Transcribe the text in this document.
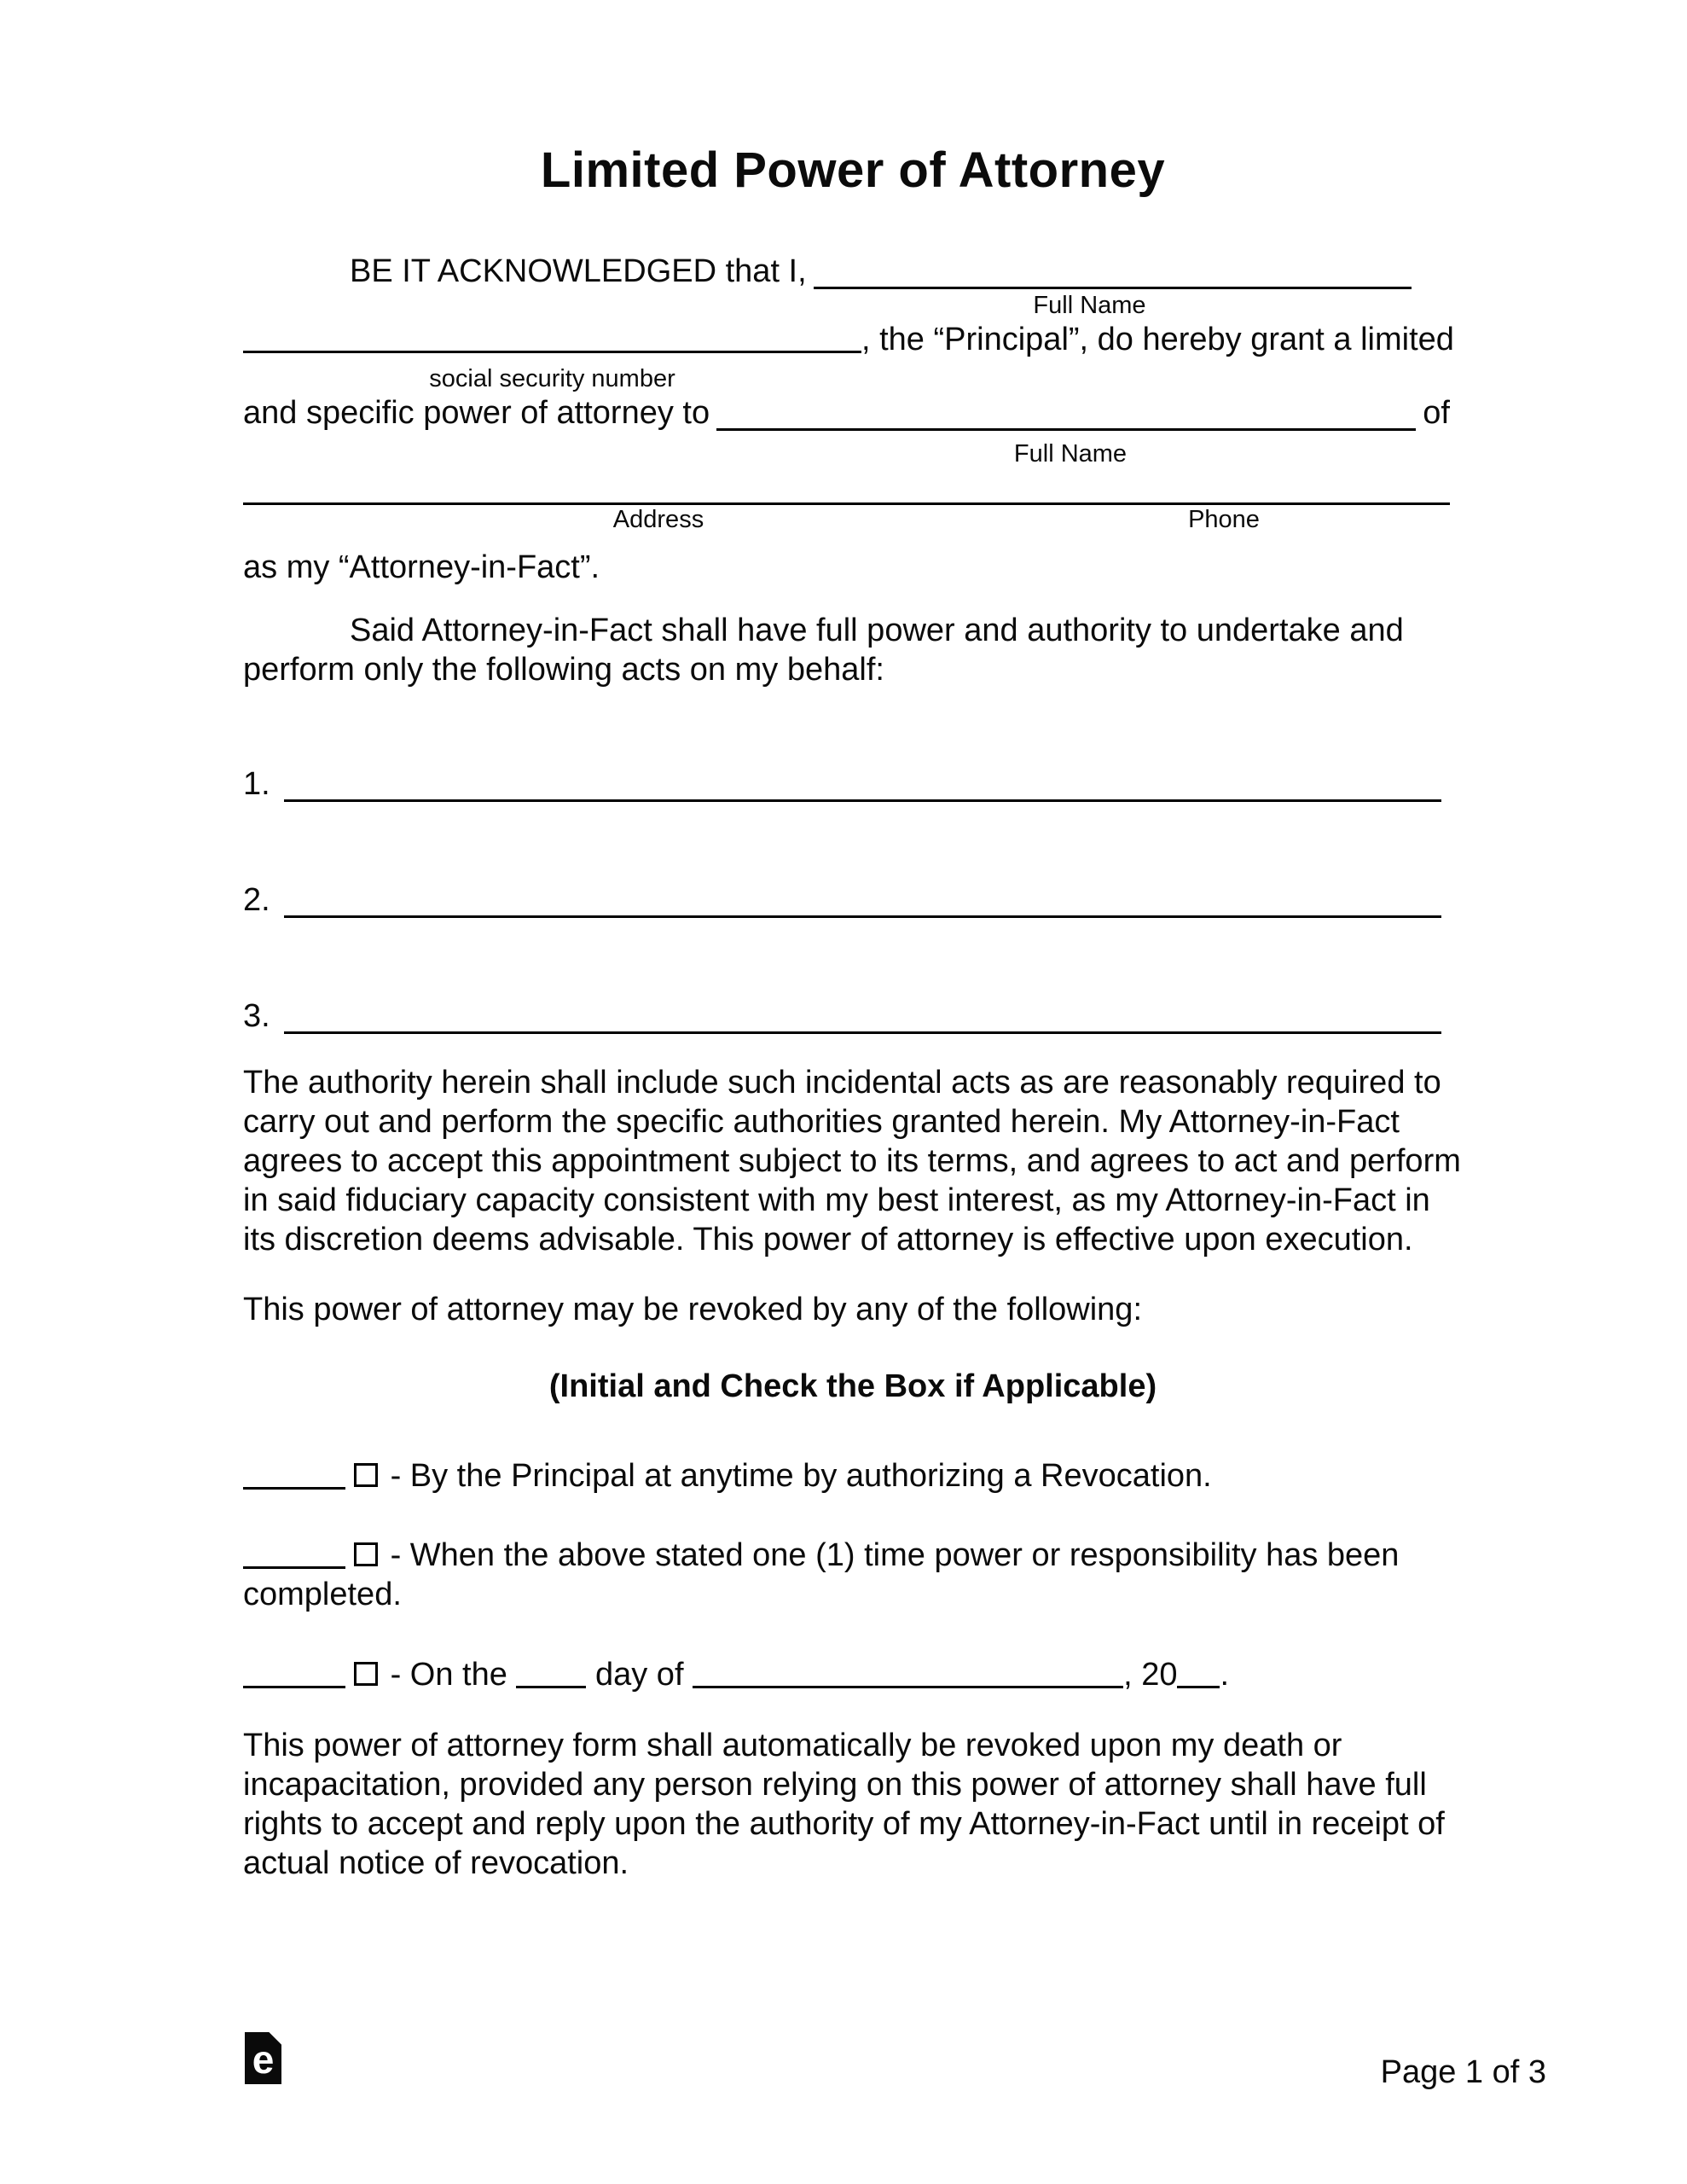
Limited Power of Attorney
BE IT ACKNOWLEDGED that I,
Full Name
, the “Principal”, do hereby grant a limited
social security number
and specific power of attorney to	of
Full Name
Address	Phone
as my “Attorney-in-Fact”.
Said Attorney-in-Fact shall have full power and authority to undertake and perform only the following acts on my behalf:
1.
2.
3.
The authority herein shall include such incidental acts as are reasonably required to carry out and perform the specific authorities granted herein. My Attorney-in-Fact agrees to accept this appointment subject to its terms, and agrees to act and perform in said fiduciary capacity consistent with my best interest, as my Attorney-in-Fact in its discretion deems advisable. This power of attorney is effective upon execution.
This power of attorney may be revoked by any of the following:
(Initial and Check the Box if Applicable)
- By the Principal at anytime by authorizing a Revocation.
- When the above stated one (1) time power or responsibility has been completed.
- On the	day of	, 20 .
This power of attorney form shall automatically be revoked upon my death or incapacitation, provided any person relying on this power of attorney shall have full rights to accept and reply upon the authority of my Attorney-in-Fact until in receipt of actual notice of revocation.
e	Page 1 of 3
